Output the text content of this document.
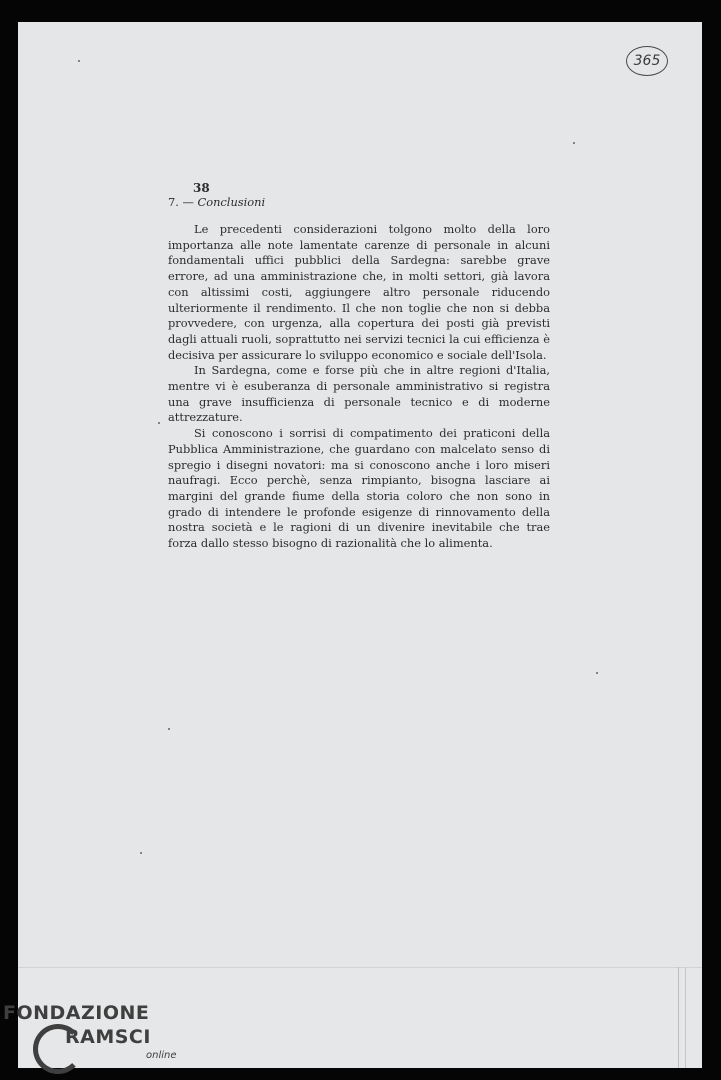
365
38
7. — Conclusioni

Le precedenti considerazioni tolgono molto della loro importanza alle note lamentate carenze di personale in alcuni fondamentali uffici pubblici della Sardegna: sarebbe grave errore, ad una amministrazione che, in molti settori, già lavora con altissimi costi, aggiungere altro personale riducendo ulteriormente il rendimento. Il che non toglie che non si debba provvedere, con urgenza, alla copertura dei posti già previsti dagli attuali ruoli, soprattutto nei servizi tecnici la cui efficienza è decisiva per assicurare lo sviluppo economico e sociale dell'Isola.

In Sardegna, come e forse più che in altre regioni d'Italia, mentre vi è esuberanza di personale amministrativo si registra una grave insufficienza di personale tecnico e di moderne attrezzature.

Si conoscono i sorrisi di compatimento dei praticoni della Pubblica Amministrazione, che guardano con malcelato senso di spregio i disegni novatori: ma si conoscono anche i loro miseri naufragi. Ecco perchè, senza rimpianto, bisogna lasciare ai margini del grande fiume della storia coloro che non sono in grado di intendere le profonde esigenze di rinnovamento della nostra società e le ragioni di un divenire inevitabile che trae forza dallo stesso bisogno di razionalità che lo alimenta.

FONDAZIONE
RAMSCI
online
